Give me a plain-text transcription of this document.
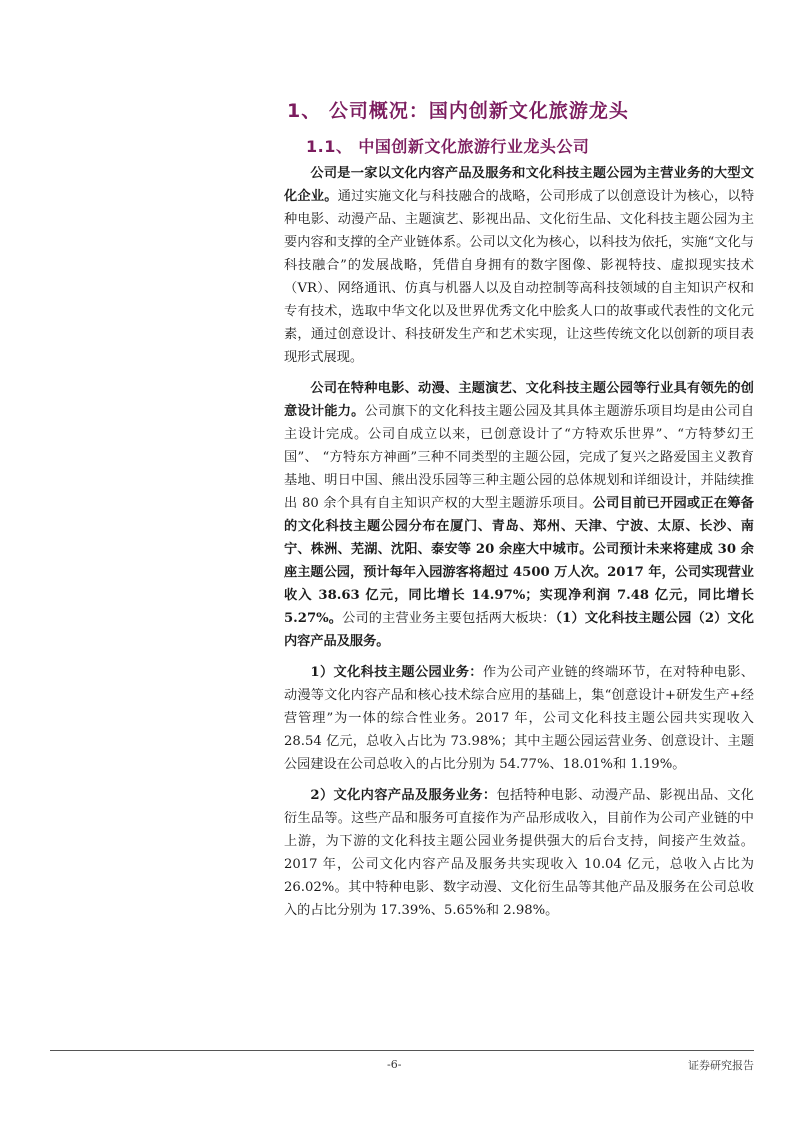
1、 公司概况：国内创新文化旅游龙头
1.1、 中国创新文化旅游行业龙头公司

公司是一家以文化内容产品及服务和文化科技主题公园为主营业务的大型文化企业。通过实施文化与科技融合的战略，公司形成了以创意设计为核心，以特种电影、动漫产品、主题演艺、影视出品、文化衍生品、文化科技主题公园为主要内容和支撑的全产业链体系。公司以文化为核心，以科技为依托，实施“文化与科技融合”的发展战略，凭借自身拥有的数字图像、影视特技、虚拟现实技术（VR）、网络通讯、仿真与机器人以及自动控制等高科技领域的自主知识产权和专有技术，选取中华文化以及世界优秀文化中脍炙人口的故事或代表性的文化元素，通过创意设计、科技研发生产和艺术实现，让这些传统文化以创新的项目表现形式展现。

公司在特种电影、动漫、主题演艺、文化科技主题公园等行业具有领先的创意设计能力。公司旗下的文化科技主题公园及其具体主题游乐项目均是由公司自主设计完成。公司自成立以来，已创意设计了“方特欢乐世界”、“方特梦幻王国”、 “方特东方神画”三种不同类型的主题公园，完成了复兴之路爱国主义教育基地、明日中国、熊出没乐园等三种主题公园的总体规划和详细设计，并陆续推出 80 余个具有自主知识产权的大型主题游乐项目。公司目前已开园或正在筹备的文化科技主题公园分布在厦门、青岛、郑州、天津、宁波、太原、长沙、南宁、株洲、芜湖、沈阳、泰安等 20 余座大中城市。公司预计未来将建成 30 余座主题公园，预计每年入园游客将超过 4500 万人次。2017 年，公司实现营业收入 38.63 亿元，同比增长 14.97%；实现净利润 7.48 亿元，同比增长 5.27%。公司的主营业务主要包括两大板块：（1）文化科技主题公园（2）文化内容产品及服务。

1）文化科技主题公园业务：作为公司产业链的终端环节，在对特种电影、动漫等文化内容产品和核心技术综合应用的基础上，集“创意设计+研发生产+经营管理”为一体的综合性业务。2017 年，公司文化科技主题公园共实现收入 28.54 亿元，总收入占比为 73.98%；其中主题公园运营业务、创意设计、主题公园建设在公司总收入的占比分别为 54.77%、18.01%和 1.19%。

2）文化内容产品及服务业务：包括特种电影、动漫产品、影视出品、文化衍生品等。这些产品和服务可直接作为产品形成收入，目前作为公司产业链的中上游，为下游的文化科技主题公园业务提供强大的后台支持，间接产生效益。2017 年，公司文化内容产品及服务共实现收入 10.04 亿元，总收入占比为 26.02%。其中特种电影、数字动漫、文化衍生品等其他产品及服务在公司总收入的占比分别为 17.39%、5.65%和 2.98%。

-6-	证券研究报告
